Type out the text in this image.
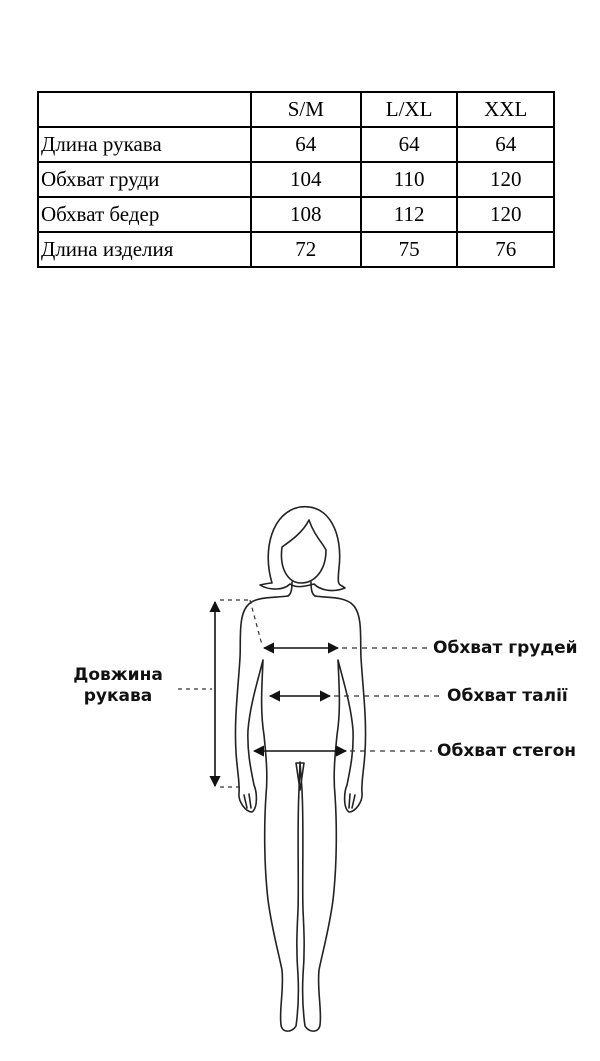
	S/M	L/XL	XXL
Длина рукава	64	64	64
Обхват груди	104	110	120
Обхват бедер	108	112	120
Длина изделия	72	75	76
Довжина рукава
Обхват грудей
Обхват талії
Обхват стегон
